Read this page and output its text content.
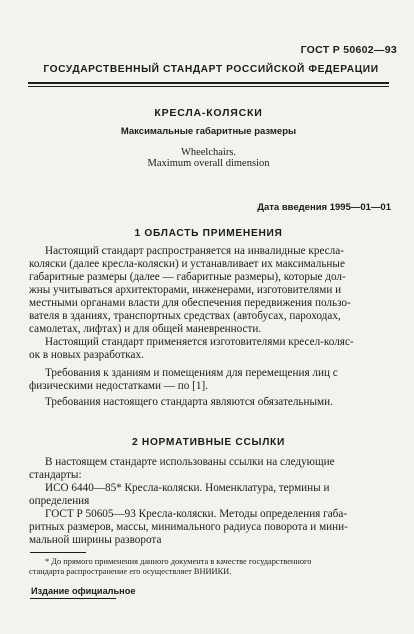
ГОСТ Р 50602—93
ГОСУДАРСТВЕННЫЙ СТАНДАРТ РОССИЙСКОЙ ФЕДЕРАЦИИ
КРЕСЛА-КОЛЯСКИ
Максимальные габаритные размеры
Wheelchairs.
Maximum overall dimension
Дата введения 1995—01—01
1 ОБЛАСТЬ ПРИМЕНЕНИЯ
Настоящий стандарт распространяется на инвалидные кресла-
коляски (далее кресла-коляски) и устанавливает их максимальные
габаритные размеры (далее — габаритные размеры), которые дол-
жны учитываться архитекторами, инженерами, изготовителями и
местными органами власти для обеспечения передвижения пользо-
вателя в зданиях, транспортных средствах (автобусах, пароходах,
самолетах, лифтах) и для общей маневренности.
Настоящий стандарт применяется изготовителями кресел-коляс-
ок в новых разработках.
Требования к зданиям и помещениям для перемещения лиц с
физическими недостатками — по [1].
Требования настоящего стандарта являются обязательными.
2 НОРМАТИВНЫЕ ССЫЛКИ
В настоящем стандарте использованы ссылки на следующие
стандарты:
ИСО 6440—85* Кресла-коляски. Номенклатура, термины и
определения
ГОСТ Р 50605—93 Кресла-коляски. Методы определения габа-
ритных размеров, массы, минимального радиуса поворота и мини-
мальной ширины разворота
* До прямого применения данного документа в качестве государственного
стандарта распространение его осуществляет ВНИИКИ.
Издание официальное
